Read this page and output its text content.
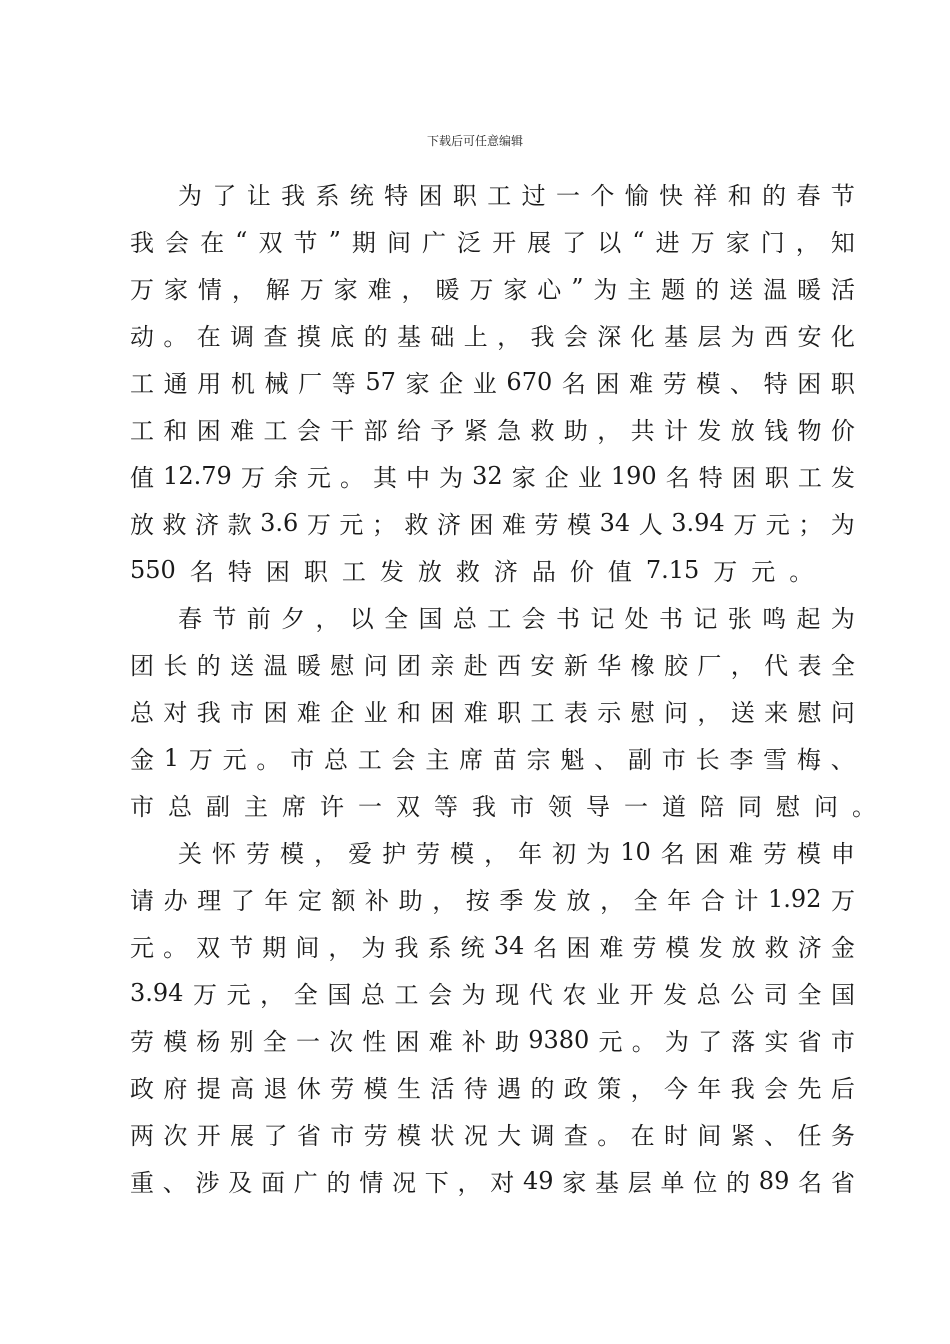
下载后可任意编辑
为 了 让 我 系 统 特 困 职 工 过 一 个 愉 快 祥 和 的 春 节
我 会 在 “ 双 节 ” 期 间 广 泛 开 展 了 以 “ 进 万 家 门 ， 知
万 家 情 ， 解 万 家 难 ， 暖 万 家 心 ” 为 主 题 的 送 温 暖 活
动 。 在 调 查 摸 底 的 基 础 上 ， 我 会 深 化 基 层 为 西 安 化
工 通 用 机 械 厂 等 57 家 企 业 670 名 困 难 劳 模 、 特 困 职
工 和 困 难 工 会 干 部 给 予 紧 急 救 助 ， 共 计 发 放 钱 物 价
值 12.79 万 余 元 。 其 中 为 32 家 企 业 190 名 特 困 职 工 发
放 救 济 款 3.6 万 元 ； 救 济 困 难 劳 模 34 人 3.94 万 元 ； 为
550 名 特 困 职 工 发 放 救 济 品 价 值 7.15 万 元 。
春 节 前 夕 ， 以 全 国 总 工 会 书 记 处 书 记 张 鸣 起 为
团 长 的 送 温 暖 慰 问 团 亲 赴 西 安 新 华 橡 胶 厂 ， 代 表 全
总 对 我 市 困 难 企 业 和 困 难 职 工 表 示 慰 问 ， 送 来 慰 问
金 1 万 元 。 市 总 工 会 主 席 苗 宗 魁 、 副 市 长 李 雪 梅 、
市 总 副 主 席 许 一 双 等 我 市 领 导 一 道 陪 同 慰 问 。
关 怀 劳 模 ， 爱 护 劳 模 ， 年 初 为 10 名 困 难 劳 模 申
请 办 理 了 年 定 额 补 助 ， 按 季 发 放 ， 全 年 合 计 1.92 万
元 。 双 节 期 间 ， 为 我 系 统 34 名 困 难 劳 模 发 放 救 济 金
3.94 万 元 ， 全 国 总 工 会 为 现 代 农 业 开 发 总 公 司 全 国
劳 模 杨 别 全 一 次 性 困 难 补 助 9380 元 。 为 了 落 实 省 市
政 府 提 高 退 休 劳 模 生 活 待 遇 的 政 策 ， 今 年 我 会 先 后
两 次 开 展 了 省 市 劳 模 状 况 大 调 查 。 在 时 间 紧 、 任 务
重 、 涉 及 面 广 的 情 况 下 ， 对 49 家 基 层 单 位 的 89 名 省
